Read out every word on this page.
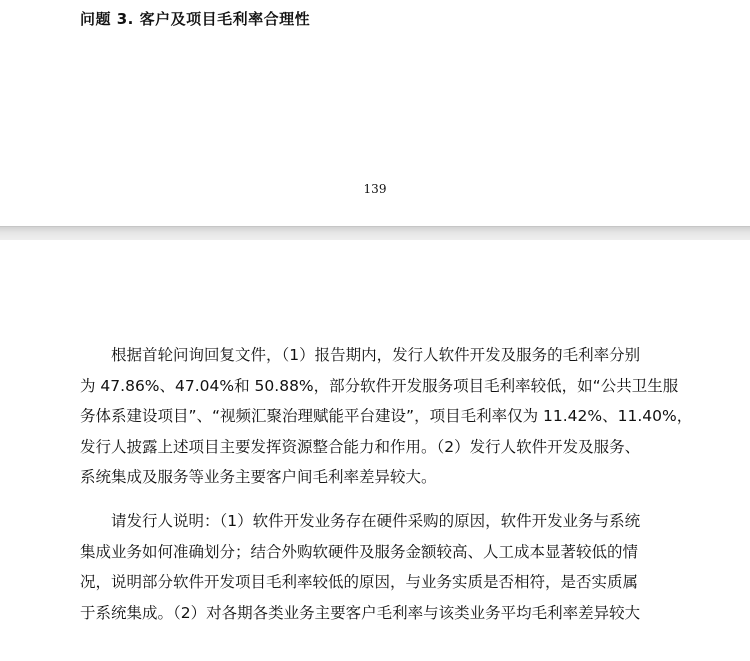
问题 3. 客户及项目毛利率合理性
139
根据首轮问询回复文件，（1）报告期内，发行人软件开发及服务的毛利率分别
为 47.86%、47.04%和 50.88%，部分软件开发服务项目毛利率较低，如“公共卫生服
务体系建设项目”、“视频汇聚治理赋能平台建设”，项目毛利率仅为 11.42%、11.40%，
发行人披露上述项目主要发挥资源整合能力和作用。（2）发行人软件开发及服务、
系统集成及服务等业务主要客户间毛利率差异较大。
请发行人说明：（1）软件开发业务存在硬件采购的原因，软件开发业务与系统
集成业务如何准确划分；结合外购软硬件及服务金额较高、人工成本显著较低的情
况，说明部分软件开发项目毛利率较低的原因，与业务实质是否相符，是否实质属
于系统集成。（2）对各期各类业务主要客户毛利率与该类业务平均毛利率差异较大
